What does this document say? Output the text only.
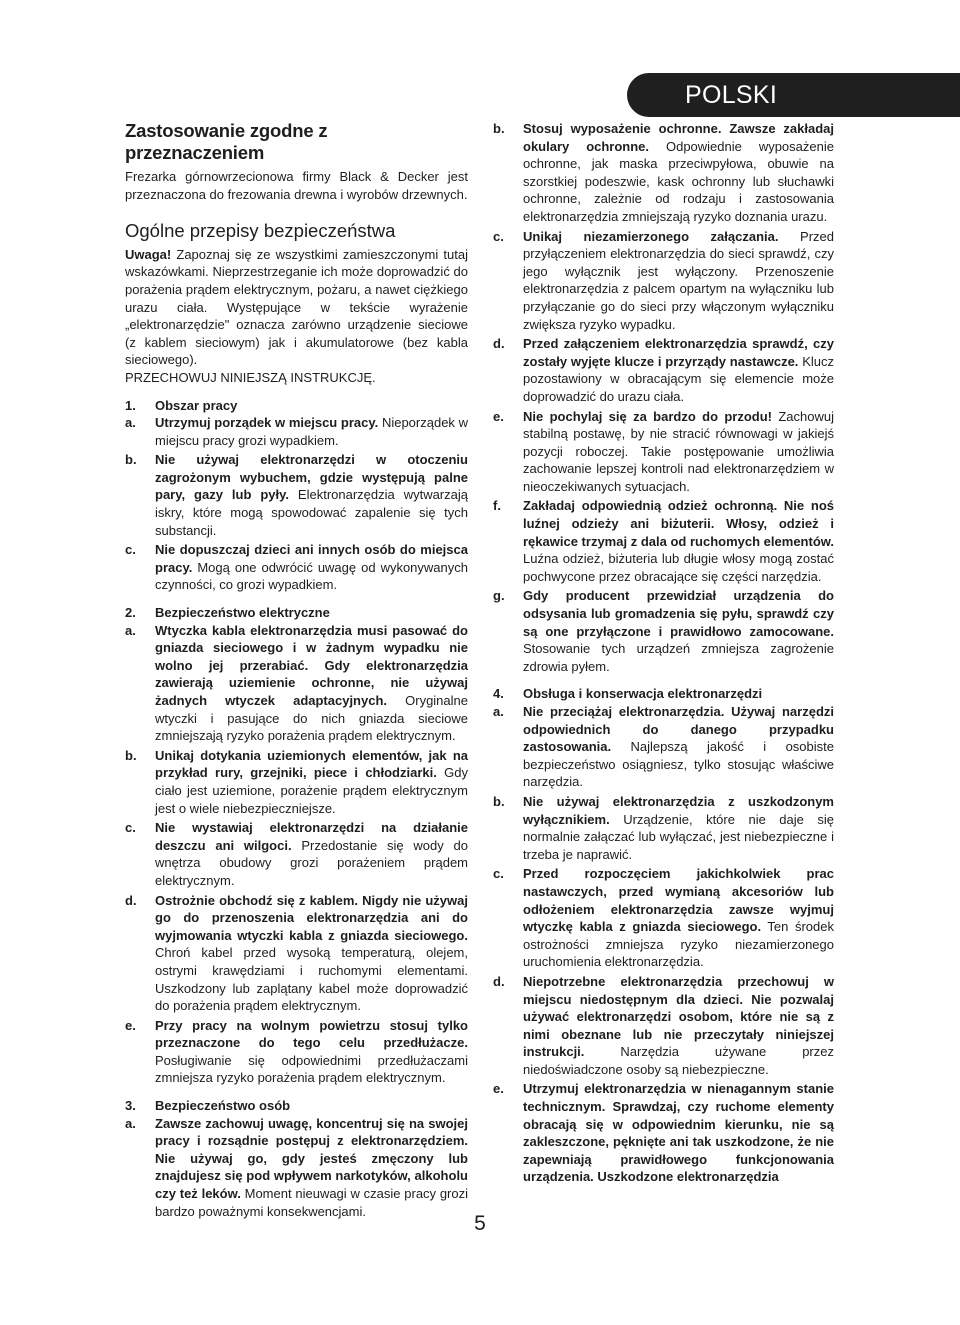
POLSKI
Zastosowanie zgodne z przeznaczeniem

Frezarka górnowrzecionowa firmy Black & Decker jest przeznaczona do frezowania drewna i wyrobów drzewnych.

Ogólne przepisy bezpieczeństwa

Uwaga! Zapoznaj się ze wszystkimi zamieszczonymi tutaj wskazówkami. Nieprzestrzeganie ich może doprowadzić do porażenia prądem elektrycznym, pożaru, a nawet ciężkiego urazu ciała. Występujące w tekście wyrażenie „elektronarzędzie" oznacza zarówno urządzenie sieciowe (z kablem sieciowym) jak i akumulatorowe (bez kabla sieciowego).

PRZECHOWUJ NINIEJSZĄ INSTRUKCJĘ.

1.	Obszar pracy
a.	Utrzymuj porządek w miejscu pracy. Nieporządek w miejscu pracy grozi wypadkiem.
b.	Nie używaj elektronarzędzi w otoczeniu zagrożonym wybuchem, gdzie występują palne pary, gazy lub pyły. Elektronarzędzia wytwarzają iskry, które mogą spowodować zapalenie się tych substancji.
c.	Nie dopuszczaj dzieci ani innych osób do miejsca pracy. Mogą one odwrócić uwagę od wykonywanych czynności, co grozi wypadkiem.
2.	Bezpieczeństwo elektryczne
a.	Wtyczka kabla elektronarzędzia musi pasować do gniazda sieciowego i w żadnym wypadku nie wolno jej przerabiać. Gdy elektronarzędzia zawierają uziemienie ochronne, nie używaj żadnych wtyczek adaptacyjnych. Oryginalne wtyczki i pasujące do nich gniazda sieciowe zmniejszają ryzyko porażenia prądem elektrycznym.
b.	Unikaj dotykania uziemionych elementów, jak na przykład rury, grzejniki, piece i chłodziarki. Gdy ciało jest uziemione, porażenie prądem elektrycznym jest o wiele niebezpieczniejsze.
c.	Nie wystawiaj elektronarzędzi na działanie deszczu ani wilgoci. Przedostanie się wody do wnętrza obudowy grozi porażeniem prądem elektrycznym.
d.	Ostrożnie obchodź się z kablem. Nigdy nie używaj go do przenoszenia elektronarzędzia ani do wyjmowania wtyczki kabla z gniazda sieciowego. Chroń kabel przed wysoką temperaturą, olejem, ostrymi krawędziami i ruchomymi elementami. Uszkodzony lub zaplątany kabel może doprowadzić do porażenia prądem elektrycznym.
e.	Przy pracy na wolnym powietrzu stosuj tylko przeznaczone do tego celu przedłużacze. Posługiwanie się odpowiednimi przedłużaczami zmniejsza ryzyko porażenia prądem elektrycznym.
3.	Bezpieczeństwo osób
a.	Zawsze zachowuj uwagę, koncentruj się na swojej pracy i rozsądnie postępuj z elektronarzędziem. Nie używaj go, gdy jesteś zmęczony lub znajdujesz się pod wpływem narkotyków, alkoholu czy też leków. Moment nieuwagi w czasie pracy grozi bardzo poważnymi konsekwencjami.
b.	Stosuj wyposażenie ochronne. Zawsze zakładaj okulary ochronne. Odpowiednie wyposażenie ochronne, jak maska przeciwpyłowa, obuwie na szorstkiej podeszwie, kask ochronny lub słuchawki ochronne, zależnie od rodzaju i zastosowania elektronarzędzia zmniejszają ryzyko doznania urazu.
c.	Unikaj niezamierzonego załączania. Przed przyłączeniem elektronarzędzia do sieci sprawdź, czy jego wyłącznik jest wyłączony. Przenoszenie elektronarzędzia z palcem opartym na wyłączniku lub przyłączanie go do sieci przy włączonym wyłączniku zwiększa ryzyko wypadku.
d.	Przed załączeniem elektronarzędzia sprawdź, czy zostały wyjęte klucze i przyrządy nastawcze. Klucz pozostawiony w obracającym się elemencie może doprowadzić do urazu ciała.
e.	Nie pochylaj się za bardzo do przodu! Zachowuj stabilną postawę, by nie stracić równowagi w jakiejś pozycji roboczej. Takie postępowanie umożliwia zachowanie lepszej kontroli nad elektronarzędziem w nieoczekiwanych sytuacjach.
f.	Zakładaj odpowiednią odzież ochronną. Nie noś luźnej odzieży ani biżuterii. Włosy, odzież i rękawice trzymaj z dala od ruchomych elementów. Luźna odzież, biżuteria lub długie włosy mogą zostać pochwycone przez obracające się części narzędzia.
g.	Gdy producent przewidział urządzenia do odsysania lub gromadzenia się pyłu, sprawdź czy są one przyłączone i prawidłowo zamocowane. Stosowanie tych urządzeń zmniejsza zagrożenie zdrowia pyłem.
4.	Obsługa i konserwacja elektronarzędzi
a.	Nie przeciążaj elektronarzędzia. Używaj narzędzi odpowiednich do danego przypadku zastosowania. Najlepszą jakość i osobiste bezpieczeństwo osiągniesz, tylko stosując właściwe narzędzia.
b.	Nie używaj elektronarzędzia z uszkodzonym wyłącznikiem. Urządzenie, które nie daje się normalnie załączać lub wyłączać, jest niebezpieczne i trzeba je naprawić.
c.	Przed rozpoczęciem jakichkolwiek prac nastawczych, przed wymianą akcesoriów lub odłożeniem elektronarzędzia zawsze wyjmuj wtyczkę kabla z gniazda sieciowego. Ten środek ostrożności zmniejsza ryzyko niezamierzonego uruchomienia elektronarzędzia.
d.	Niepotrzebne elektronarzędzia przechowuj w miejscu niedostępnym dla dzieci. Nie pozwalaj używać elektronarzędzi osobom, które nie są z nimi obeznane lub nie przeczytały niniejszej instrukcji. Narzędzia używane przez niedoświadczone osoby są niebezpieczne.
e.	Utrzymuj elektronarzędzia w nienagannym stanie technicznym. Sprawdzaj, czy ruchome elementy obracają się w odpowiednim kierunku, nie są zakleszczone, pęknięte ani tak uszkodzone, że nie zapewniają prawidłowego funkcjonowania urządzenia. Uszkodzone elektronarzędzia
5
